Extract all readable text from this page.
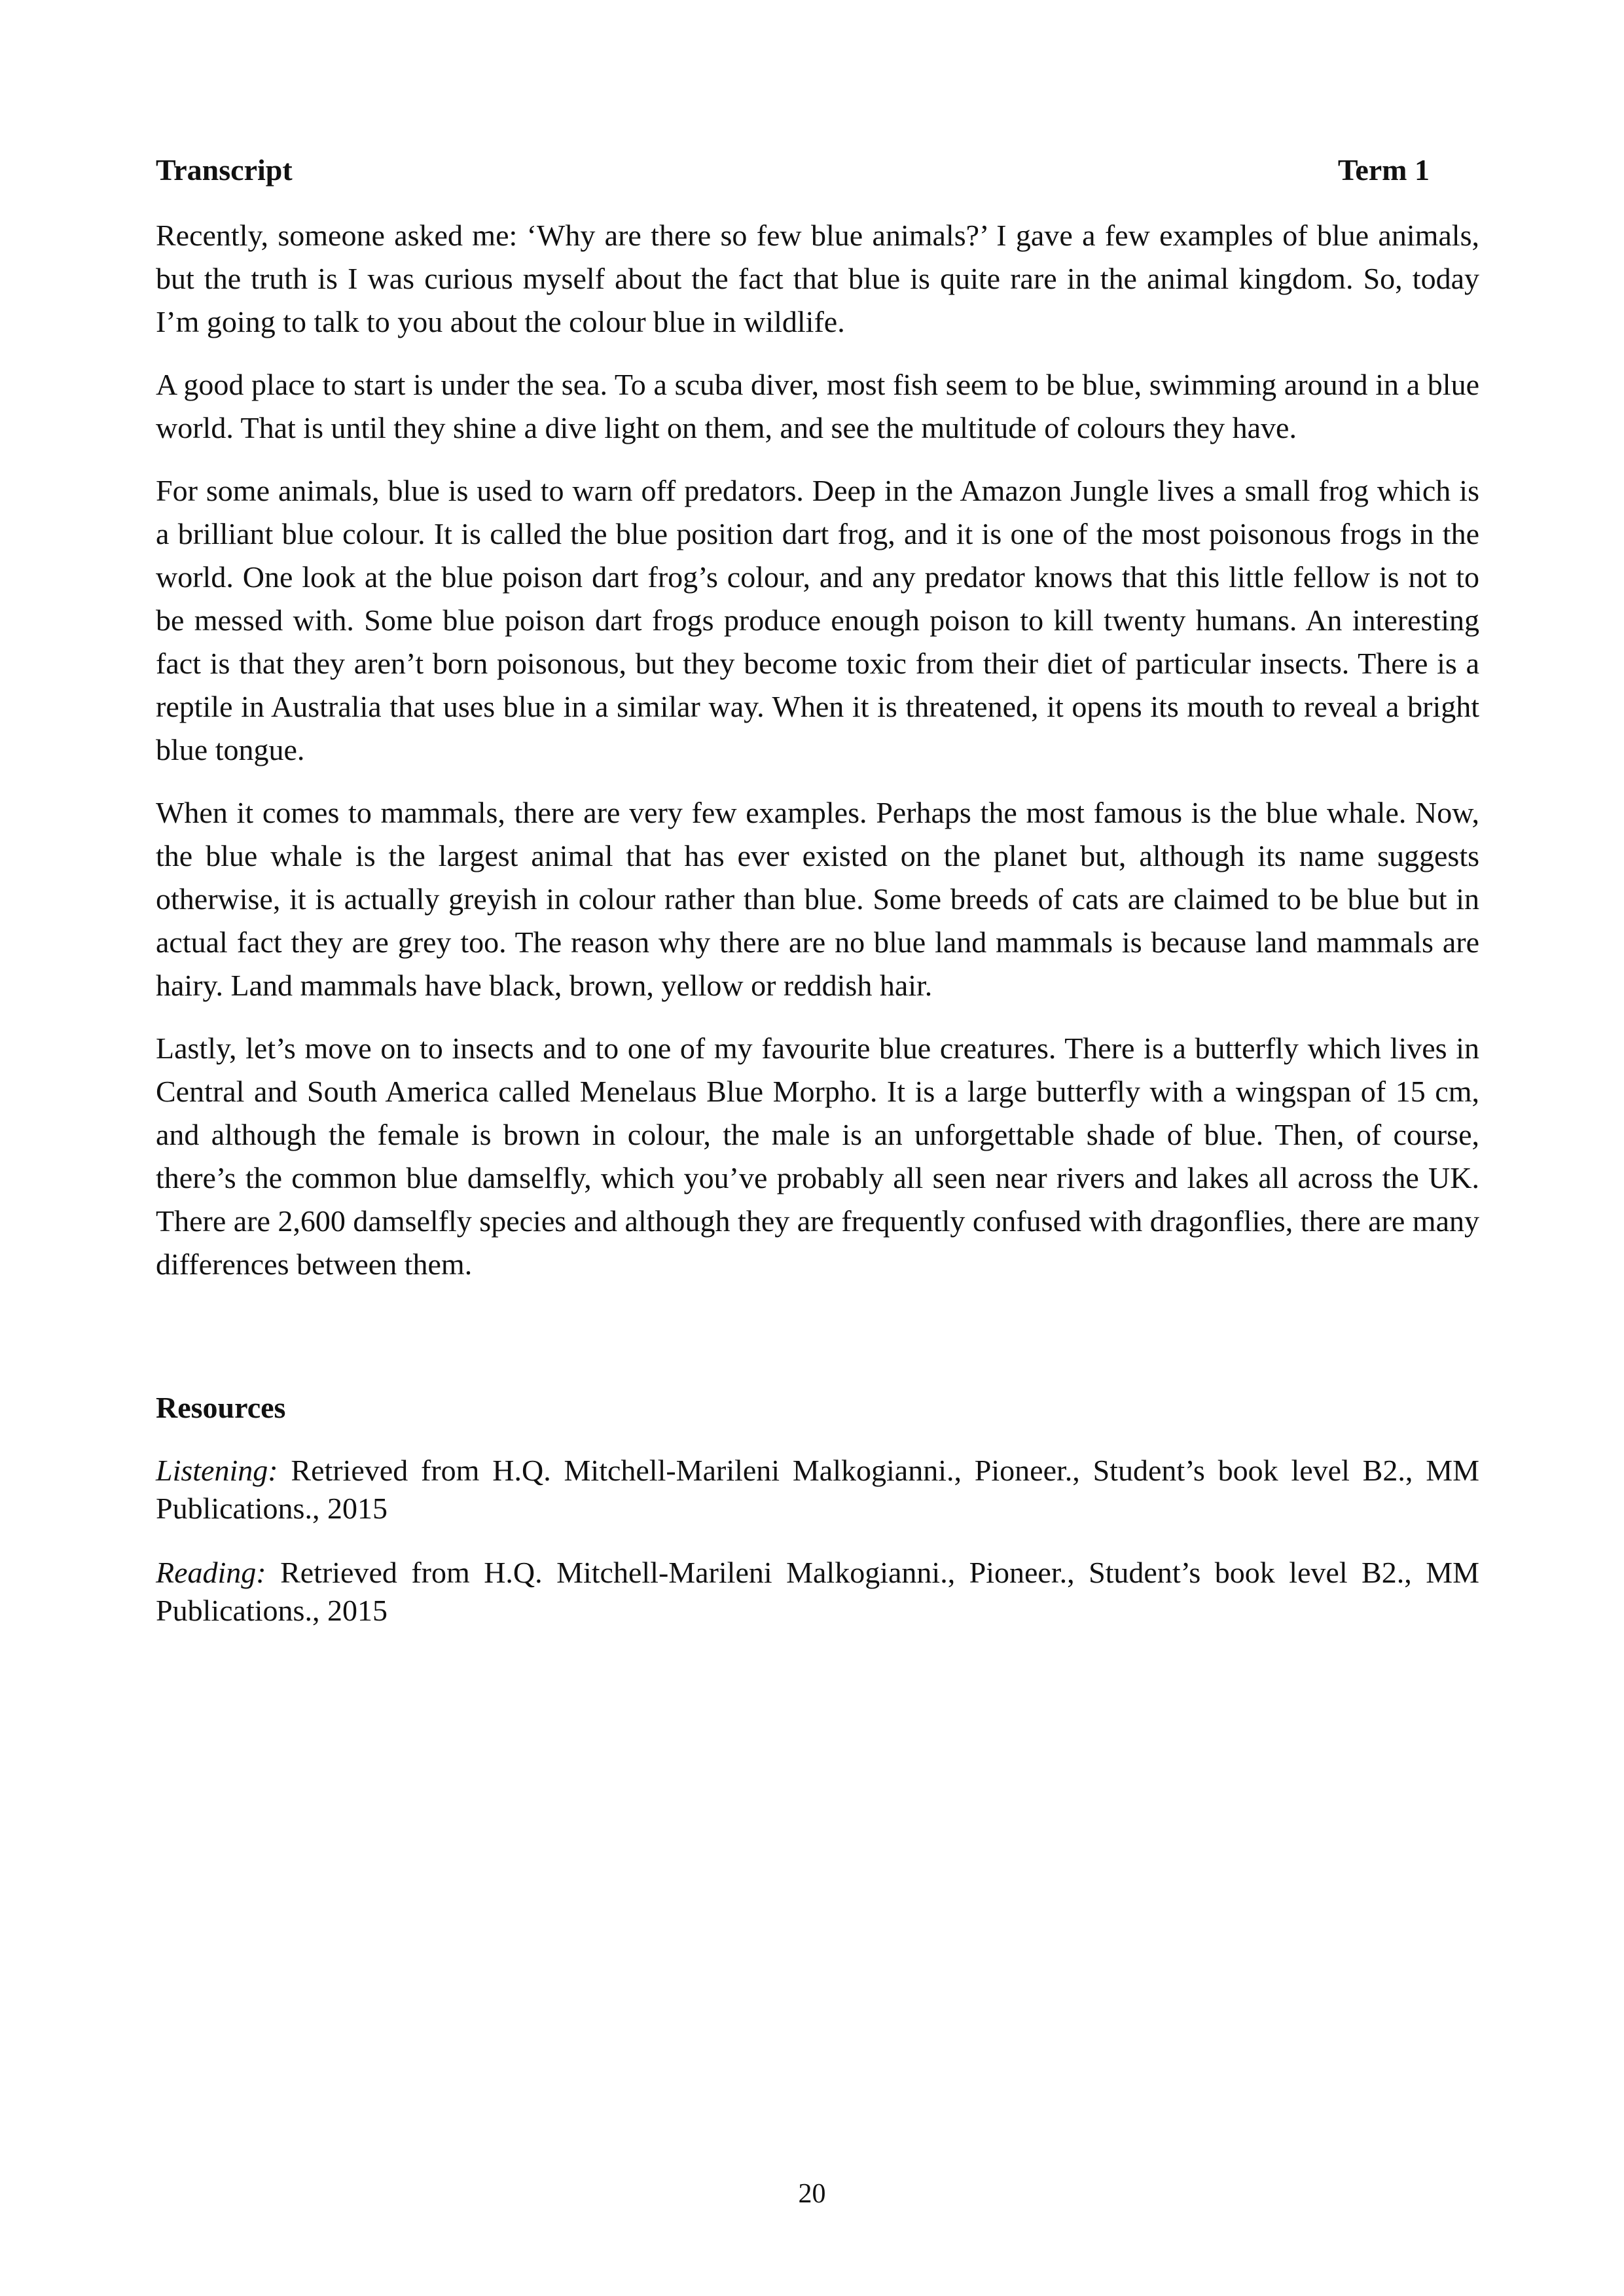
Transcript	Term 1

Recently, someone asked me: ‘Why are there so few blue animals?’ I gave a few examples of blue animals, but the truth is I was curious myself about the fact that blue is quite rare in the animal kingdom. So, today I’m going to talk to you about the colour blue in wildlife.

A good place to start is under the sea. To a scuba diver, most fish seem to be blue, swimming around in a blue world. That is until they shine a dive light on them, and see the multitude of colours they have.

For some animals, blue is used to warn off predators. Deep in the Amazon Jungle lives a small frog which is a brilliant blue colour. It is called the blue position dart frog, and it is one of the most poisonous frogs in the world. One look at the blue poison dart frog’s colour, and any predator knows that this little fellow is not to be messed with. Some blue poison dart frogs produce enough poison to kill twenty humans. An interesting fact is that they aren’t born poisonous, but they become toxic from their diet of particular insects. There is a reptile in Australia that uses blue in a similar way. When it is threatened, it opens its mouth to reveal a bright blue tongue.

When it comes to mammals, there are very few examples. Perhaps the most famous is the blue whale. Now, the blue whale is the largest animal that has ever existed on the planet but, although its name suggests otherwise, it is actually greyish in colour rather than blue. Some breeds of cats are claimed to be blue but in actual fact they are grey too. The reason why there are no blue land mammals is because land mammals are hairy. Land mammals have black, brown, yellow or reddish hair.

Lastly, let’s move on to insects and to one of my favourite blue creatures. There is a butterfly which lives in Central and South America called Menelaus Blue Morpho. It is a large butterfly with a wingspan of 15 cm, and although the female is brown in colour, the male is an unforgettable shade of blue. Then, of course, there’s the common blue damselfly, which you’ve probably all seen near rivers and lakes all across the UK. There are 2,600 damselfly species and although they are frequently confused with dragonflies, there are many differences between them.

Resources

Listening: Retrieved from H.Q. Mitchell-Marileni Malkogianni., Pioneer., Student’s book level B2., MM Publications., 2015

Reading: Retrieved from H.Q. Mitchell-Marileni Malkogianni., Pioneer., Student’s book level B2., MM Publications., 2015

20
